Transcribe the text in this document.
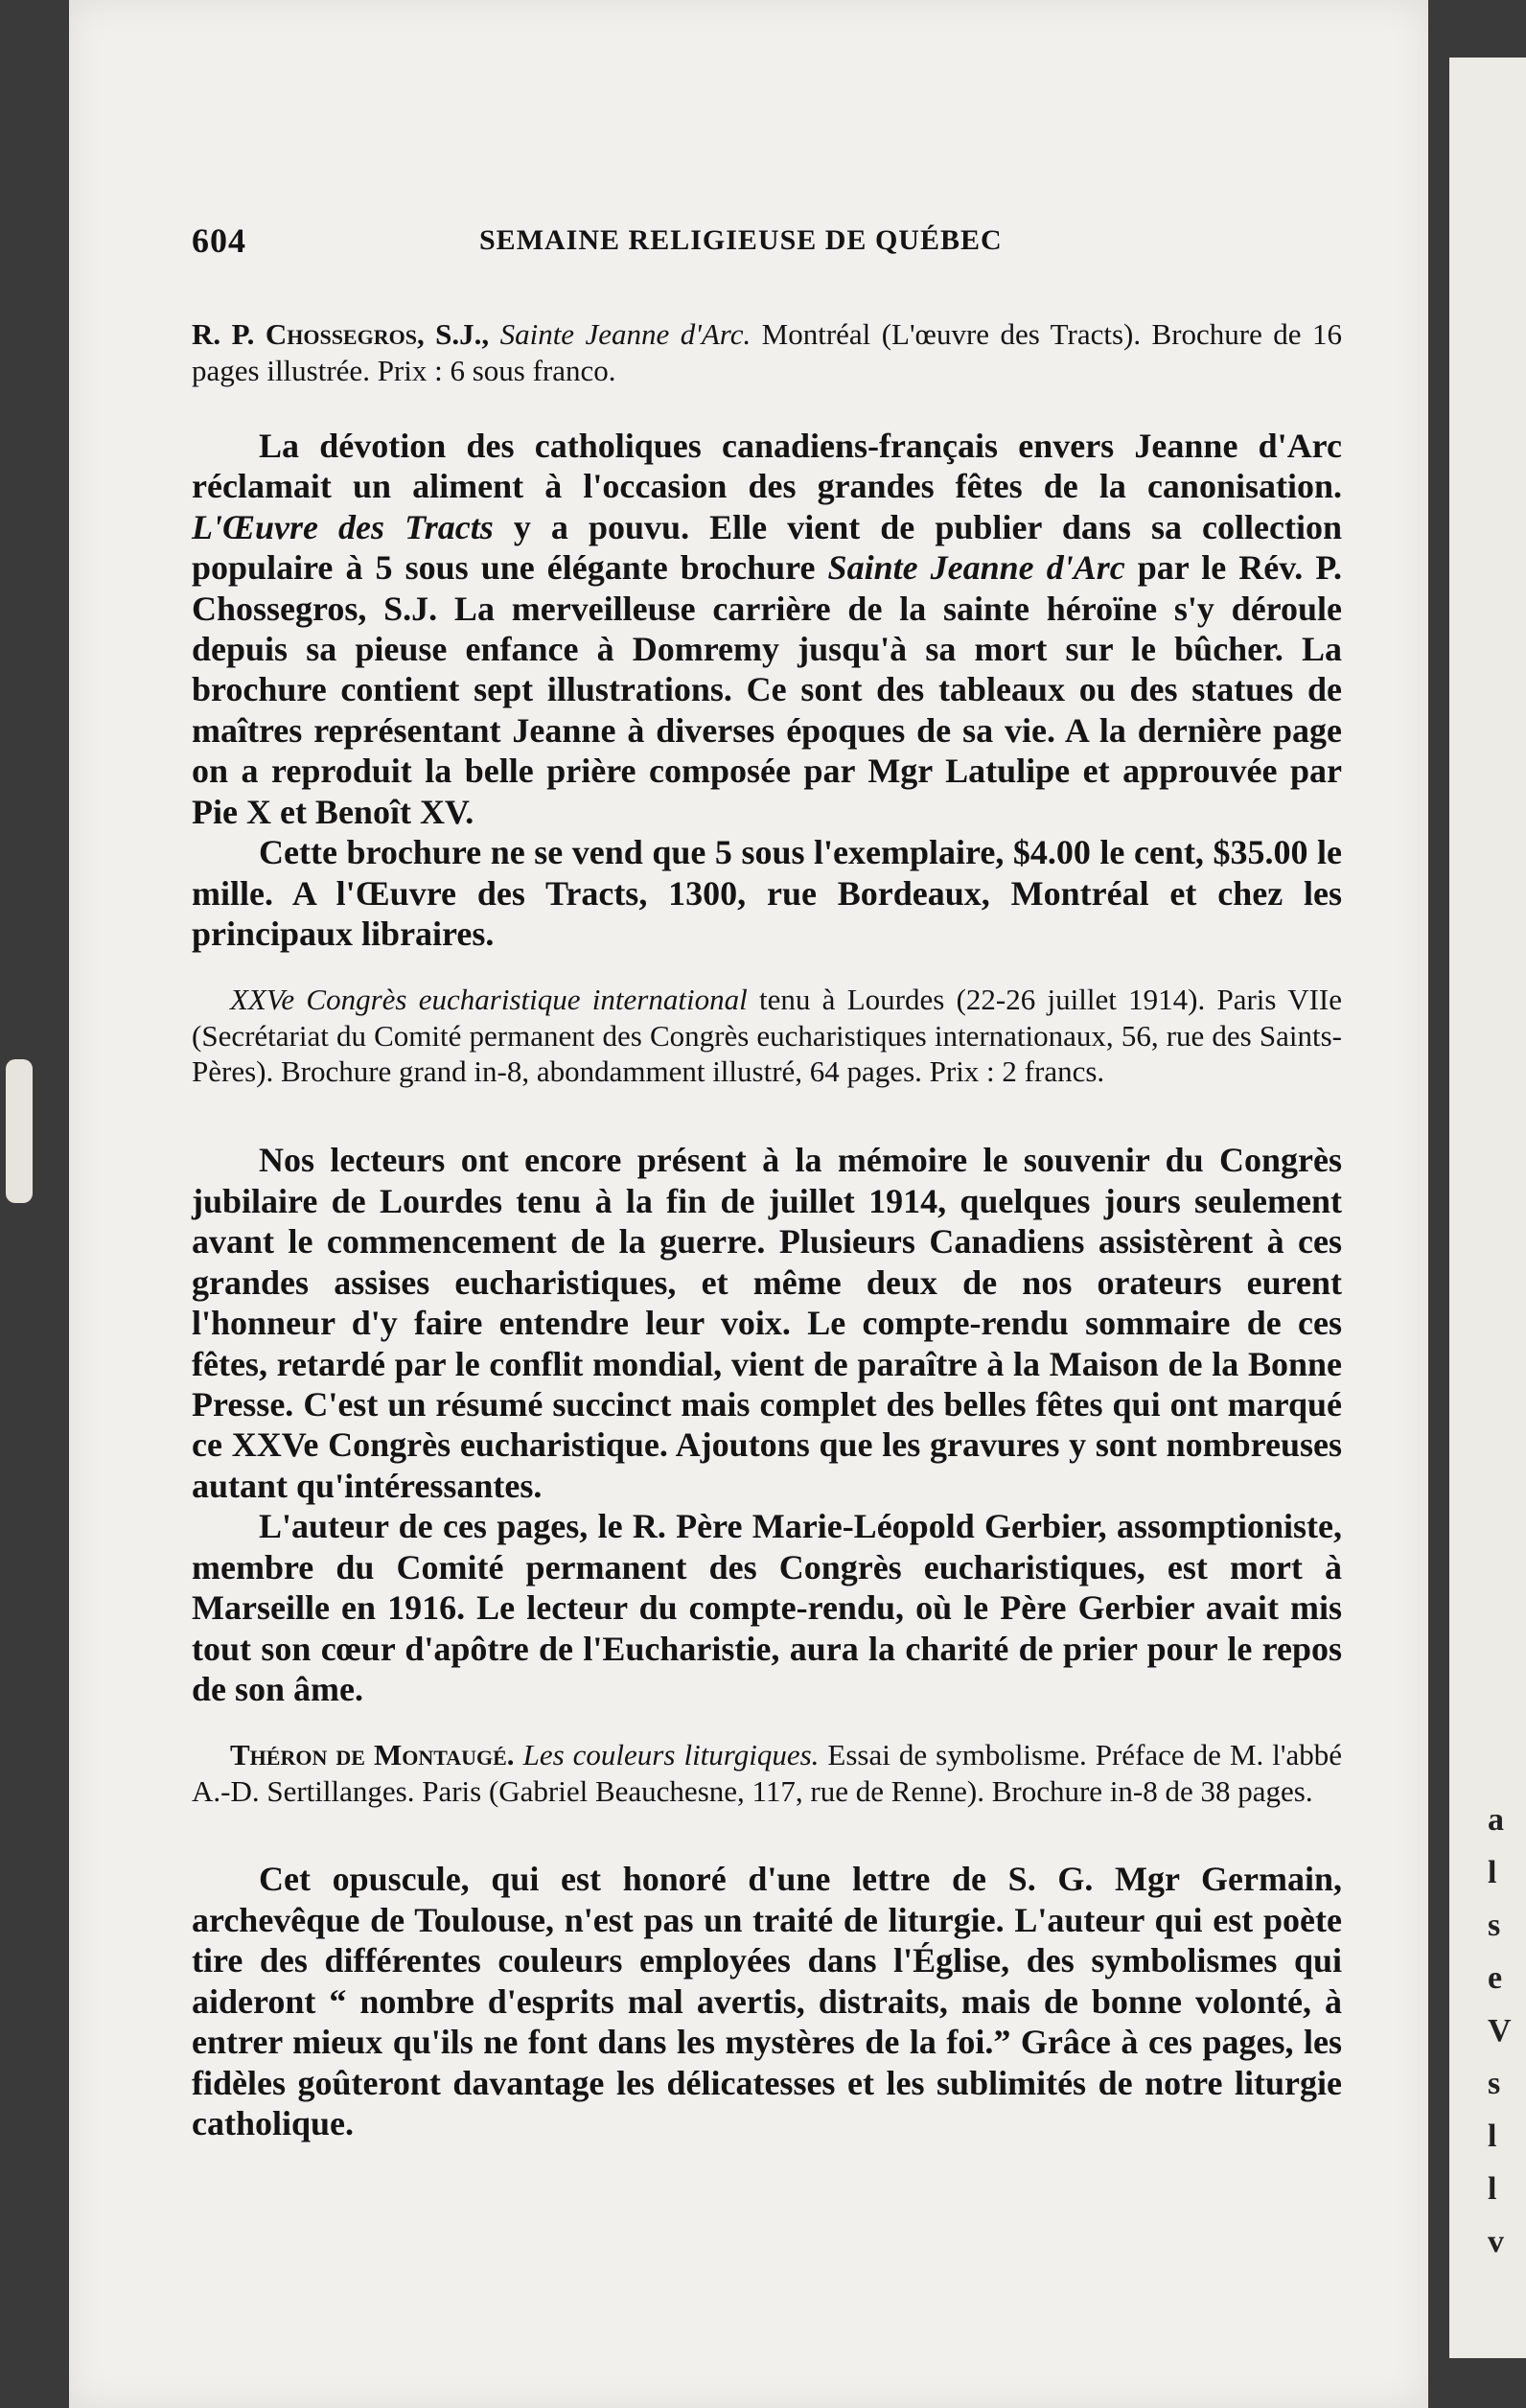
a
l
s
e
V
s
l
l
v
604	SEMAINE RELIGIEUSE DE QUÉBEC

R. P. Chossegros, S.J., Sainte Jeanne d'Arc. Montréal (L'œuvre des Tracts). Brochure de 16 pages illustrée. Prix : 6 sous franco.

La dévotion des catholiques canadiens-français envers Jeanne d'Arc réclamait un aliment à l'occasion des grandes fêtes de la canonisation. L'Œuvre des Tracts y a pouvu. Elle vient de publier dans sa collection populaire à 5 sous une élégante brochure Sainte Jeanne d'Arc par le Rév. P. Chossegros, S.J. La merveilleuse carrière de la sainte héroïne s'y déroule depuis sa pieuse enfance à Domremy jusqu'à sa mort sur le bûcher. La brochure contient sept illustrations. Ce sont des tableaux ou des statues de maîtres représentant Jeanne à diverses époques de sa vie. A la dernière page on a reproduit la belle prière composée par Mgr Latulipe et approuvée par Pie X et Benoît XV.

Cette brochure ne se vend que 5 sous l'exemplaire, $4.00 le cent, $35.00 le mille. A l'Œuvre des Tracts, 1300, rue Bordeaux, Montréal et chez les principaux libraires.

XXVe Congrès eucharistique international tenu à Lourdes (22-26 juillet 1914). Paris VIIe (Secrétariat du Comité permanent des Congrès eucharistiques internationaux, 56, rue des Saints-Pères). Brochure grand in-8, abondamment illustré, 64 pages. Prix : 2 francs.

Nos lecteurs ont encore présent à la mémoire le souvenir du Congrès jubilaire de Lourdes tenu à la fin de juillet 1914, quelques jours seulement avant le commencement de la guerre. Plusieurs Canadiens assistèrent à ces grandes assises eucharistiques, et même deux de nos orateurs eurent l'honneur d'y faire entendre leur voix. Le compte-rendu sommaire de ces fêtes, retardé par le conflit mondial, vient de paraître à la Maison de la Bonne Presse. C'est un résumé succinct mais complet des belles fêtes qui ont marqué ce XXVe Congrès eucharistique. Ajoutons que les gravures y sont nombreuses autant qu'intéressantes.

L'auteur de ces pages, le R. Père Marie-Léopold Gerbier, assomptioniste, membre du Comité permanent des Congrès eucharistiques, est mort à Marseille en 1916. Le lecteur du compte-rendu, où le Père Gerbier avait mis tout son cœur d'apôtre de l'Eucharistie, aura la charité de prier pour le repos de son âme.

Théron de Montaugé. Les couleurs liturgiques. Essai de symbolisme. Préface de M. l'abbé A.-D. Sertillanges. Paris (Gabriel Beauchesne, 117, rue de Renne). Brochure in-8 de 38 pages.

Cet opuscule, qui est honoré d'une lettre de S. G. Mgr Germain, archevêque de Toulouse, n'est pas un traité de liturgie. L'auteur qui est poète tire des différentes couleurs employées dans l'Église, des symbolismes qui aideront “ nombre d'esprits mal avertis, distraits, mais de bonne volonté, à entrer mieux qu'ils ne font dans les mystères de la foi.” Grâce à ces pages, les fidèles goûteront davantage les délicatesses et les sublimités de notre liturgie catholique.
